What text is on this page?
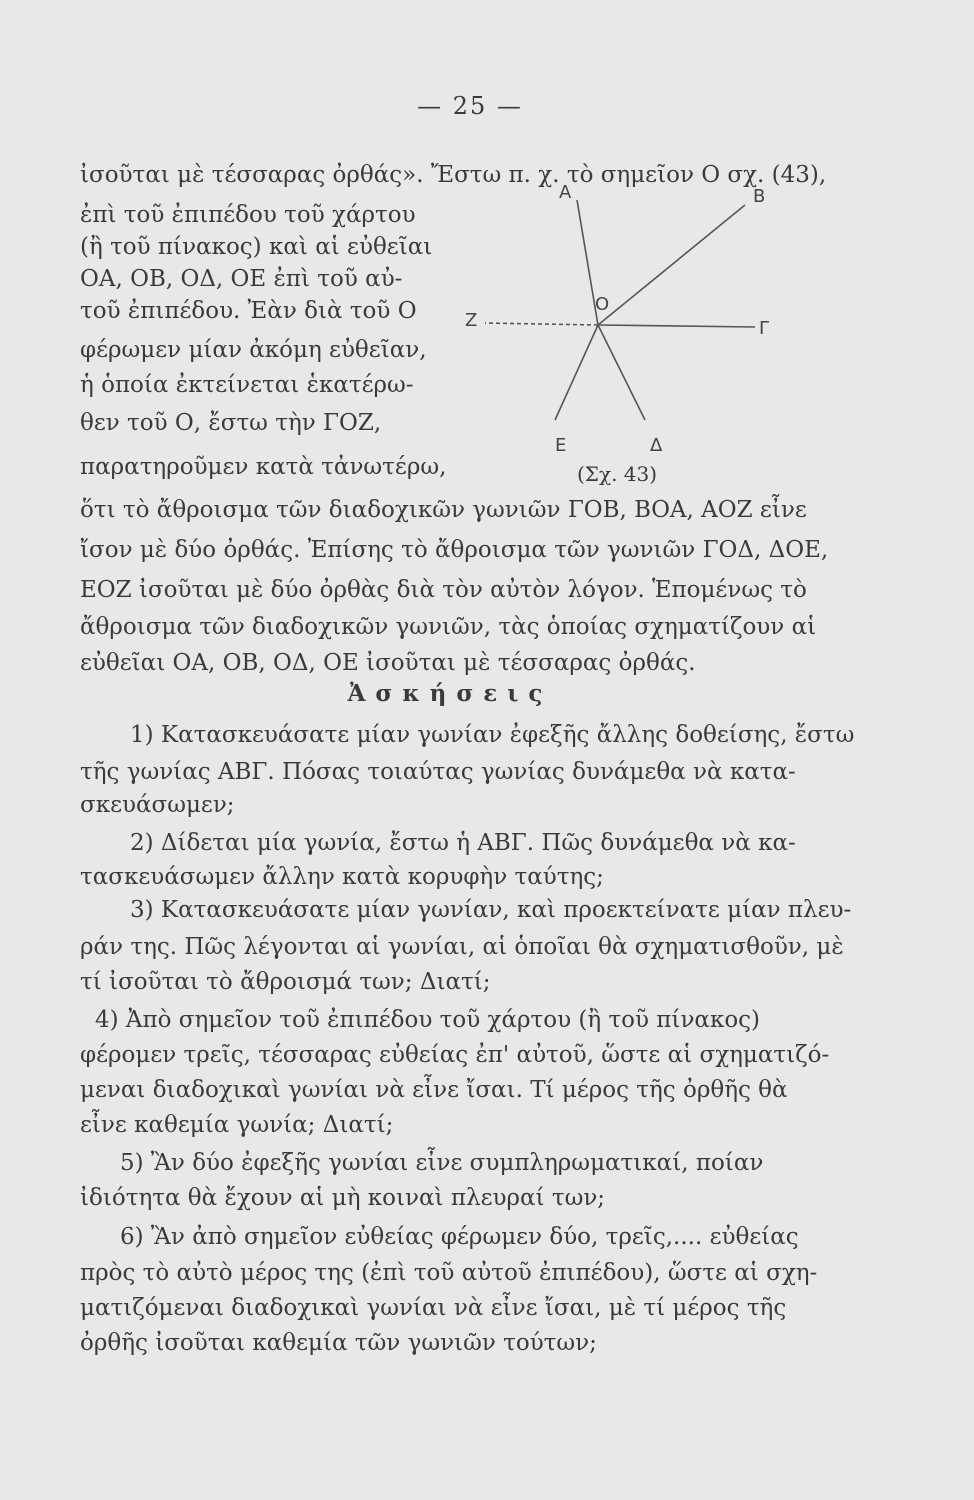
— 25 —
ἰσοῦται μὲ τέσσαρας ὀρθάς». Ἔστω π. χ. τὸ σημεῖον Ο σχ. (43),
ἐπὶ τοῦ ἐπιπέδου τοῦ χάρτου
(ἢ τοῦ πίνακος) καὶ αἱ εὐθεῖαι
ΟΑ, ΟΒ, ΟΔ, ΟΕ ἐπὶ τοῦ αὐ-
τοῦ ἐπιπέδου. Ἐὰν διὰ τοῦ Ο
φέρωμεν μίαν ἀκόμη εὐθεῖαν,
ἡ ὁποία ἐκτείνεται ἑκατέρω-
θεν τοῦ Ο, ἔστω τὴν ΓΟΖ,
παρατηροῦμεν κατὰ τἀνωτέρω,
ὅτι τὸ ἄθροισμα τῶν διαδοχικῶν γωνιῶν ΓΟΒ, ΒΟΑ, ΑΟΖ εἶνε
ἴσον μὲ δύο ὀρθάς. Ἐπίσης τὸ ἄθροισμα τῶν γωνιῶν ΓΟΔ, ΔΟΕ,
ΕΟΖ ἰσοῦται μὲ δύο ὀρθὰς διὰ τὸν αὐτὸν λόγον. Ἑπομένως τὸ
ἄθροισμα τῶν διαδοχικῶν γωνιῶν, τὰς ὁποίας σχηματίζουν αἱ
εὐθεῖαι ΟΑ, ΟΒ, ΟΔ, ΟΕ ἰσοῦται μὲ τέσσαρας ὀρθάς.
Α	Β
Ζ
Ο
Γ
Ε	Δ
(Σχ. 43)
Ἀσκήσεις
1) Κατασκευάσατε μίαν γωνίαν ἐφεξῆς ἄλλης δοθείσης, ἔστω
τῆς γωνίας ΑΒΓ. Πόσας τοιαύτας γωνίας δυνάμεθα νὰ κατα-
σκευάσωμεν;
2) Δίδεται μία γωνία, ἔστω ἡ ΑΒΓ. Πῶς δυνάμεθα νὰ κα-
τασκευάσωμεν ἄλλην κατὰ κορυφὴν ταύτης;
3) Κατασκευάσατε μίαν γωνίαν, καὶ προεκτείνατε μίαν πλευ-
ράν της. Πῶς λέγονται αἱ γωνίαι, αἱ ὁποῖαι θὰ σχηματισθοῦν, μὲ
τί ἰσοῦται τὸ ἄθροισμά των; Διατί;
4) Ἀπὸ σημεῖον τοῦ ἐπιπέδου τοῦ χάρτου (ἢ τοῦ πίνακος)
φέρομεν τρεῖς, τέσσαρας εὐθείας ἐπ' αὐτοῦ, ὥστε αἱ σχηματιζό-
μεναι διαδοχικαὶ γωνίαι νὰ εἶνε ἴσαι. Τί μέρος τῆς ὀρθῆς θὰ
εἶνε καθεμία γωνία; Διατί;
5) Ἂν δύο ἐφεξῆς γωνίαι εἶνε συμπληρωματικαί, ποίαν
ἰδιότητα θὰ ἔχουν αἱ μὴ κοιναὶ πλευραί των;
6) Ἂν ἀπὸ σημεῖον εὐθείας φέρωμεν δύο, τρεῖς,.... εὐθείας
πρὸς τὸ αὐτὸ μέρος της (ἐπὶ τοῦ αὐτοῦ ἐπιπέδου), ὥστε αἱ σχη-
ματιζόμεναι διαδοχικαὶ γωνίαι νὰ εἶνε ἴσαι, μὲ τί μέρος τῆς
ὀρθῆς ἰσοῦται καθεμία τῶν γωνιῶν τούτων;
